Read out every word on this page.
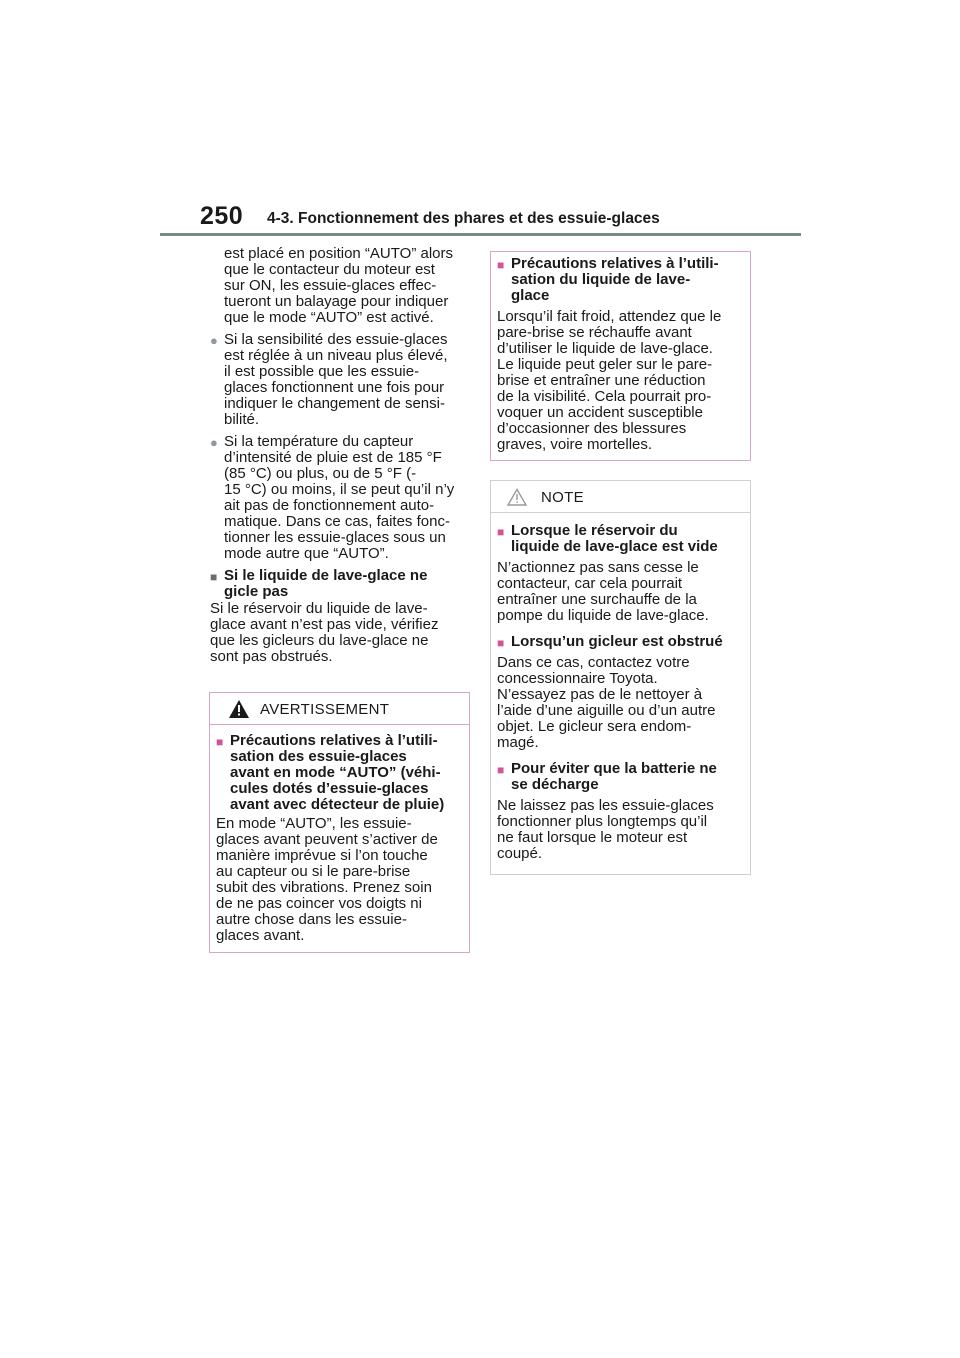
250 4-3. Fonctionnement des phares et des essuie-glaces

est placé en position “AUTO” alors

que le contacteur du moteur est

sur ON, les essuie-glaces effec-

tueront un balayage pour indiquer

que le mode “AUTO” est activé.

● Si la sensibilité des essuie-glaces

est réglée à un niveau plus élevé,

il est possible que les essuie-

glaces fonctionnent une fois pour

indiquer le changement de sensi-

bilité.

● Si la température du capteur

d’intensité de pluie est de 185 °F

(85 °C) ou plus, ou de 5 °F (-

15 °C) ou moins, il se peut qu’il n’y

ait pas de fonctionnement auto-

matique. Dans ce cas, faites fonc-

tionner les essuie-glaces sous un

mode autre que “AUTO”.

■ Si le liquide de lave-glace ne

gicle pas

Si le réservoir du liquide de lave-

glace avant n’est pas vide, vérifiez

que les gicleurs du lave-glace ne

sont pas obstrués.

AVERTISSEMENT
■ Précautions relatives à l’utili-

sation des essuie-glaces

avant en mode “AUTO” (véhi-

cules dotés d’essuie-glaces

avant avec détecteur de pluie)

En mode “AUTO”, les essuie-

glaces avant peuvent s’activer de

manière imprévue si l’on touche

au capteur ou si le pare-brise

subit des vibrations. Prenez soin

de ne pas coincer vos doigts ni

autre chose dans les essuie-

glaces avant.

■ Précautions relatives à l’utili-

sation du liquide de lave-

glace

Lorsqu’il fait froid, attendez que le

pare-brise se réchauffe avant

d’utiliser le liquide de lave-glace.

Le liquide peut geler sur le pare-

brise et entraîner une réduction

de la visibilité. Cela pourrait pro-

voquer un accident susceptible

d’occasionner des blessures

graves, voire mortelles.

NOTE
■ Lorsque le réservoir du

liquide de lave-glace est vide

N’actionnez pas sans cesse le

contacteur, car cela pourrait

entraîner une surchauffe de la

pompe du liquide de lave-glace.

■ Lorsqu’un gicleur est obstrué

Dans ce cas, contactez votre

concessionnaire Toyota.

N’essayez pas de le nettoyer à

l’aide d’une aiguille ou d’un autre

objet. Le gicleur sera endom-

magé.

■ Pour éviter que la batterie ne

se décharge

Ne laissez pas les essuie-glaces

fonctionner plus longtemps qu’il

ne faut lorsque le moteur est

coupé.
